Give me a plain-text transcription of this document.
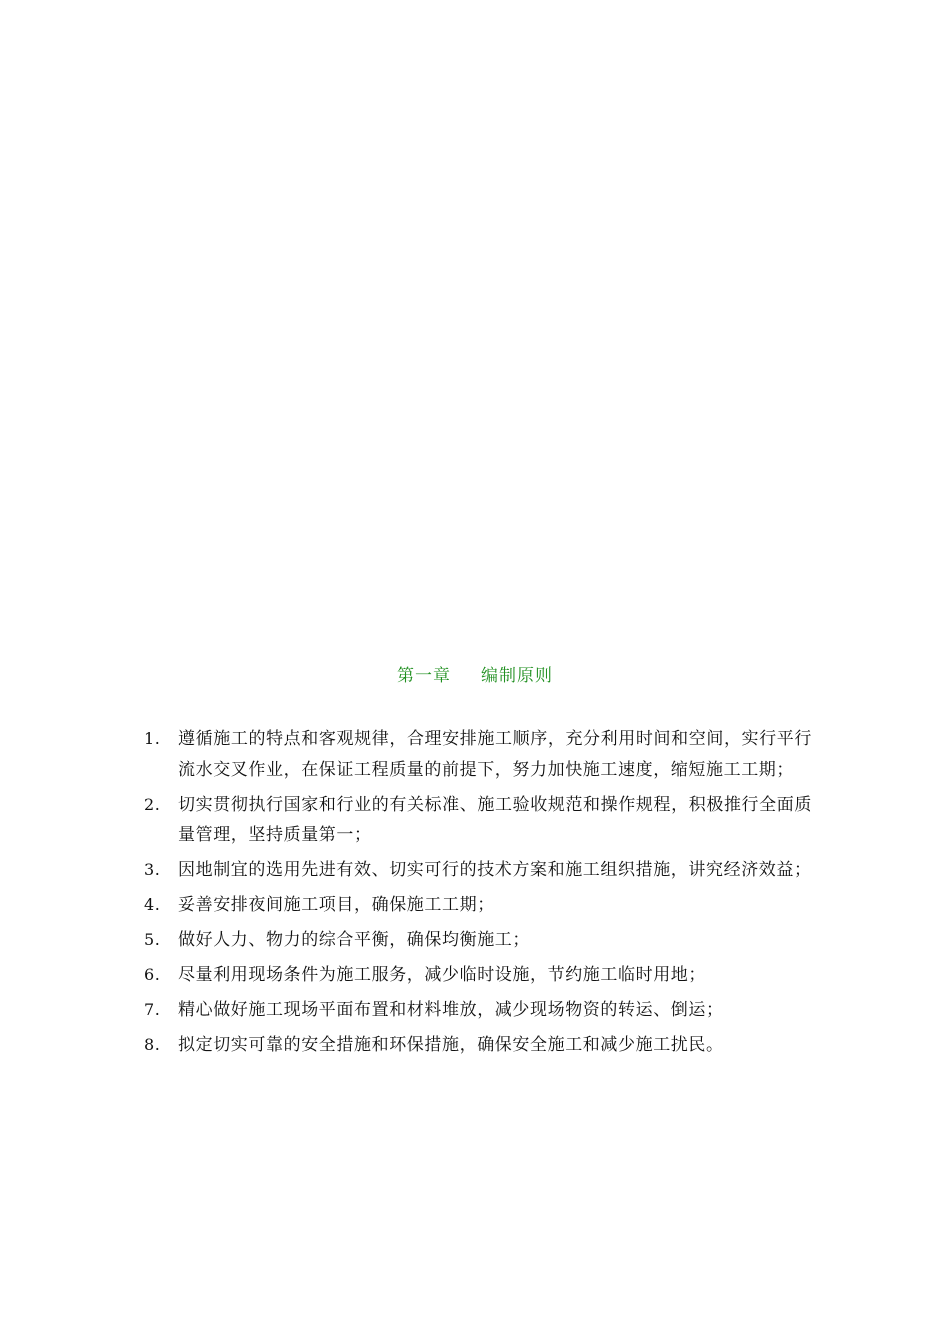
第一章 编制原则
1. 遵循施工的特点和客观规律，合理安排施工顺序，充分利用时间和空间，实行平行流水交叉作业，在保证工程质量的前提下，努力加快施工速度，缩短施工工期；
2. 切实贯彻执行国家和行业的有关标准、施工验收规范和操作规程，积极推行全面质量管理，坚持质量第一；
3. 因地制宜的选用先进有效、切实可行的技术方案和施工组织措施，讲究经济效益；
4. 妥善安排夜间施工项目，确保施工工期；
5. 做好人力、物力的综合平衡，确保均衡施工；
6. 尽量利用现场条件为施工服务，减少临时设施，节约施工临时用地；
7. 精心做好施工现场平面布置和材料堆放，减少现场物资的转运、倒运；
8. 拟定切实可靠的安全措施和环保措施，确保安全施工和减少施工扰民。
